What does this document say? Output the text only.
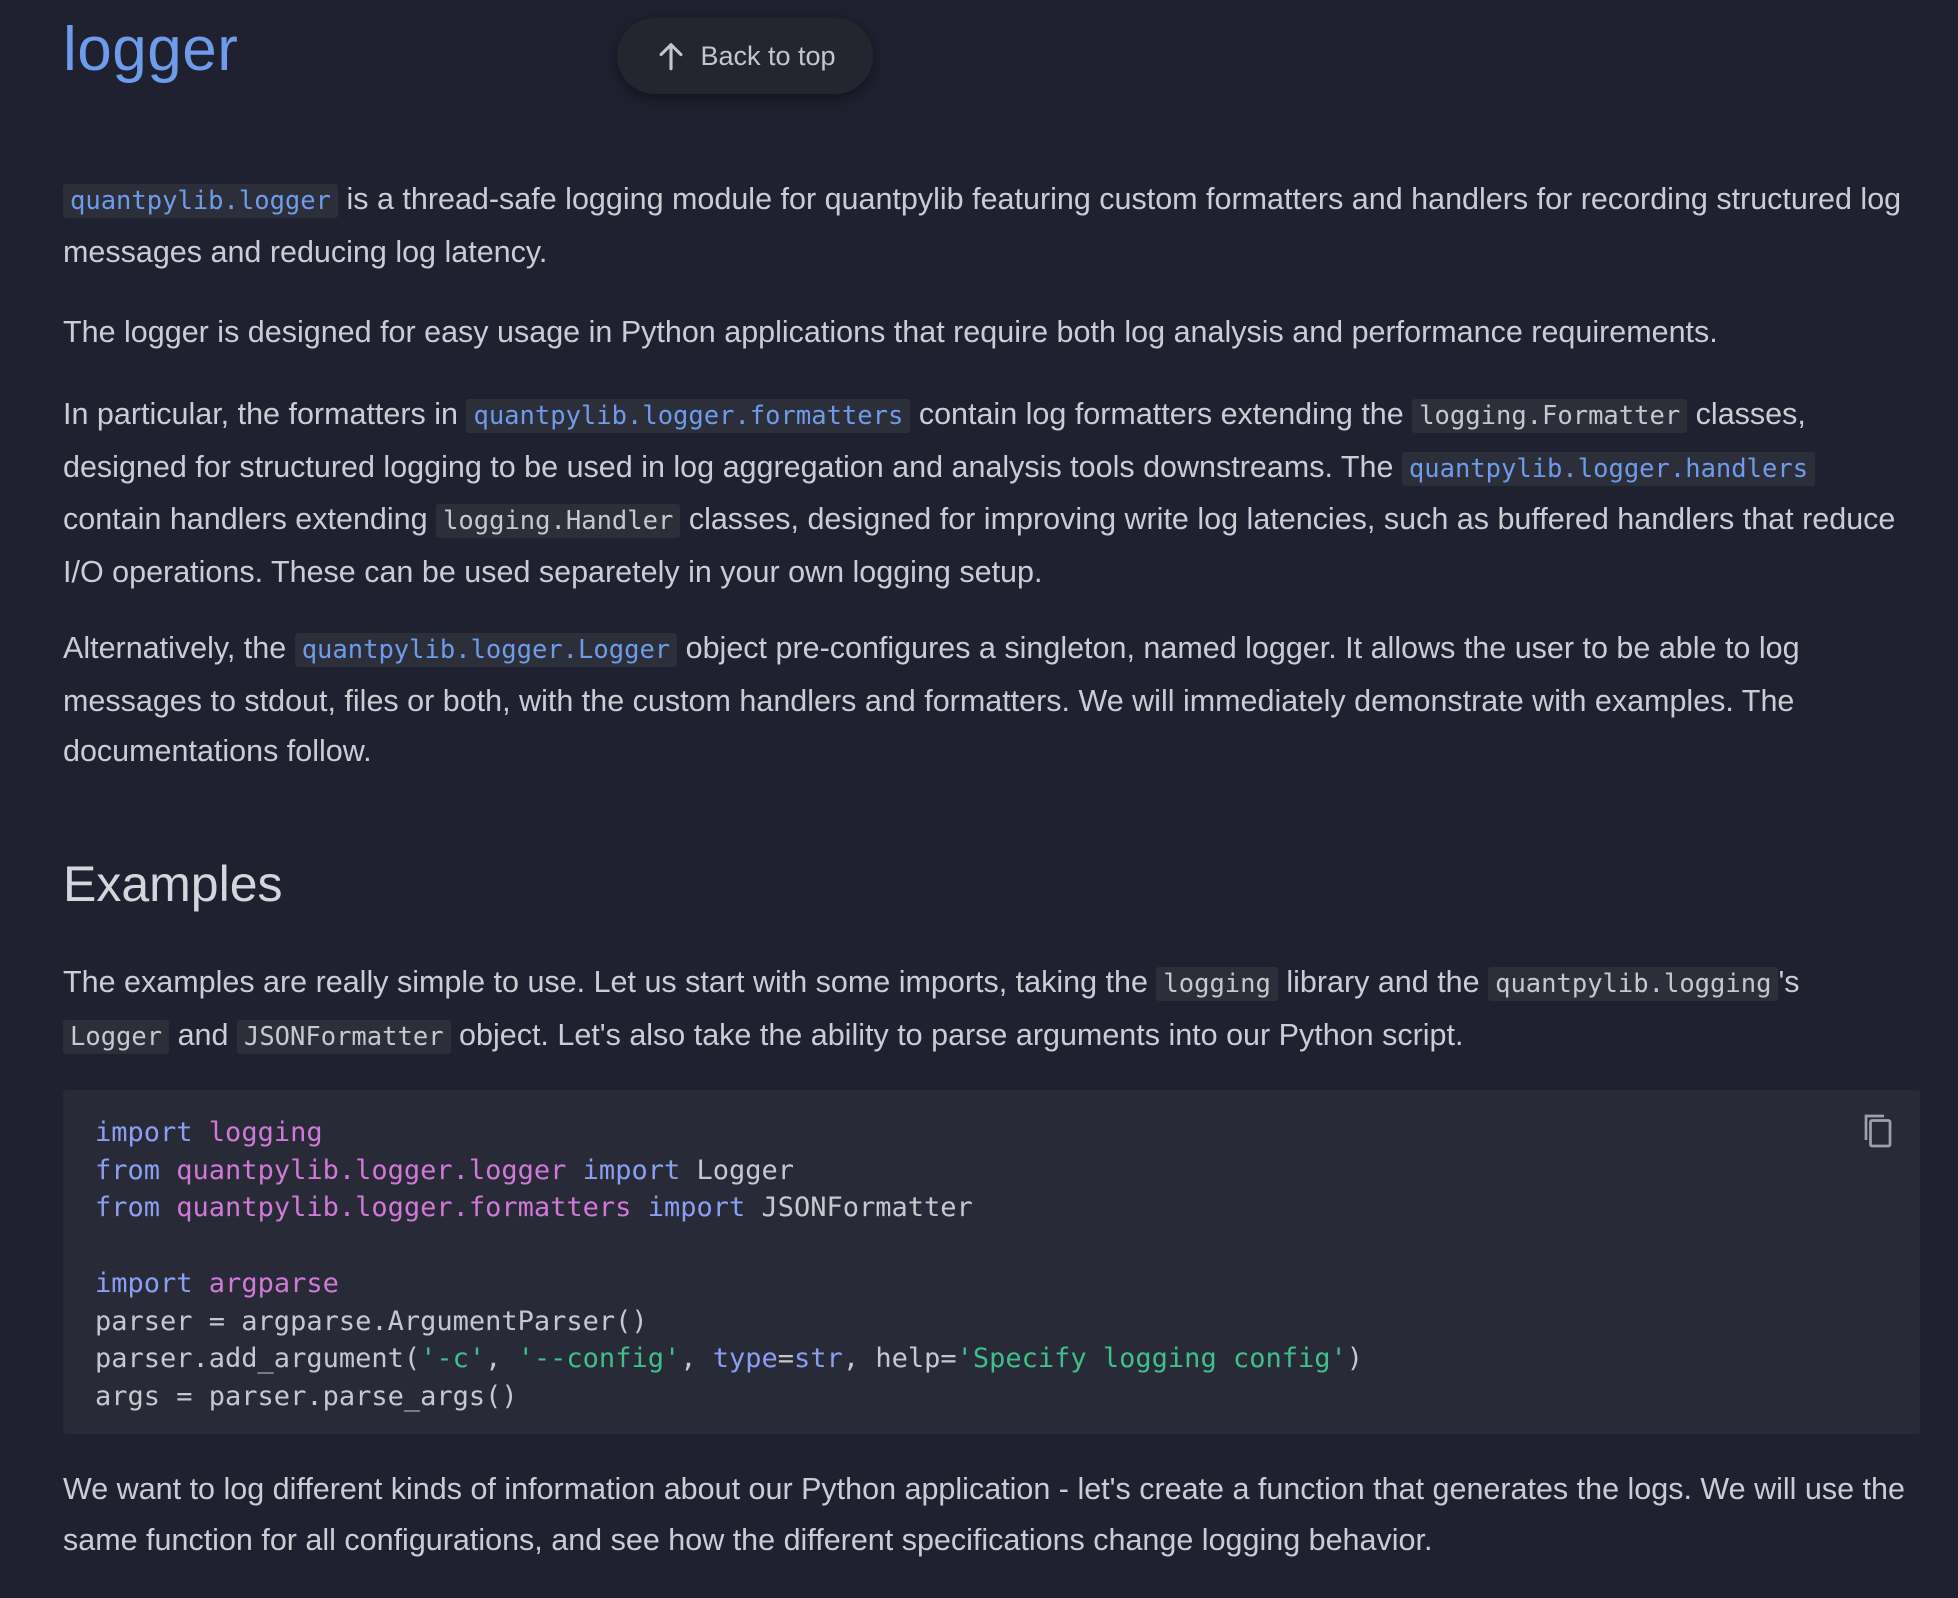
logger	Back to top

quantpylib.logger is a thread-safe logging module for quantpylib featuring custom formatters and handlers for recording structured log messages and reducing log latency.

The logger is designed for easy usage in Python applications that require both log analysis and performance requirements.

In particular, the formatters in quantpylib.logger.formatters contain log formatters extending the logging.Formatter classes, designed for structured logging to be used in log aggregation and analysis tools downstreams. The quantpylib.logger.handlers contain handlers extending logging.Handler classes, designed for improving write log latencies, such as buffered handlers that reduce I/O operations. These can be used separetely in your own logging setup.

Alternatively, the quantpylib.logger.Logger object pre-configures a singleton, named logger. It allows the user to be able to log messages to stdout, files or both, with the custom handlers and formatters. We will immediately demonstrate with examples. The documentations follow.

Examples

The examples are really simple to use. Let us start with some imports, taking the logging library and the quantpylib.logging 's Logger and JSONFormatter object. Let's also take the ability to parse arguments into our Python script.

import logging
from quantpylib.logger.logger import Logger
from quantpylib.logger.formatters import JSONFormatter

import argparse
parser = argparse.ArgumentParser()
parser.add_argument('-c', '--config', type=str, help='Specify logging config')
args = parser.parse_args()

We want to log different kinds of information about our Python application - let's create a function that generates the logs. We will use the same function for all configurations, and see how the different specifications change logging behavior.
